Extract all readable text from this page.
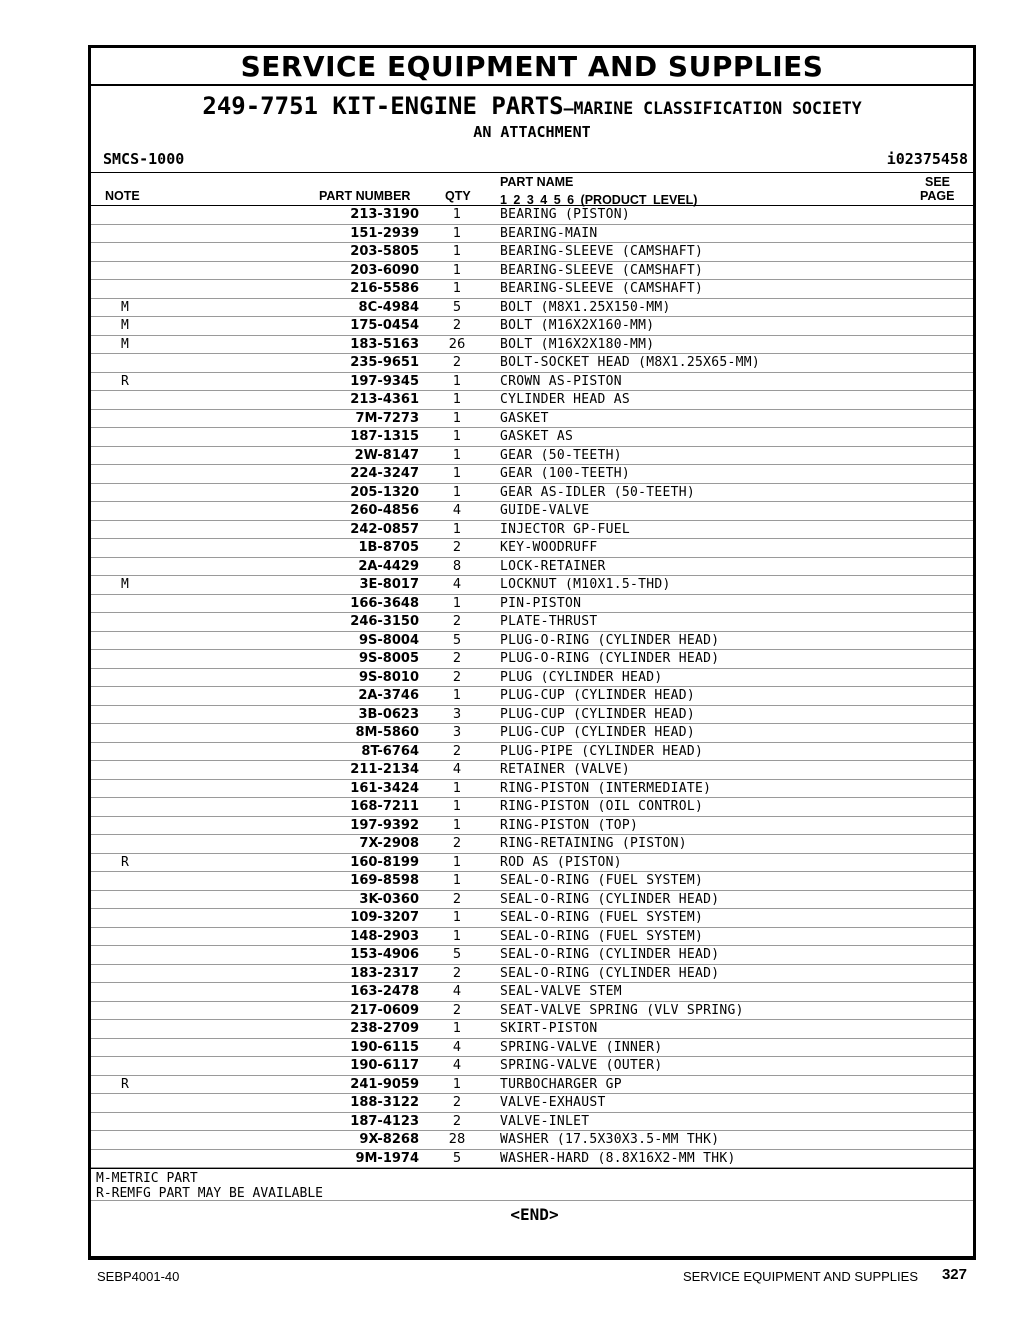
SERVICE EQUIPMENT AND SUPPLIES
249-7751 KIT-ENGINE PARTS—MARINE CLASSIFICATION SOCIETY
AN ATTACHMENT
SMCS-1000	i02375458
NOTE	PART NUMBER	QTY
PART NAME
1 2 3 4 5 6 (PRODUCT LEVEL)
SEE
PAGE
213-3190	1	BEARING (PISTON)
151-2939	1	BEARING-MAIN
203-5805	1	BEARING-SLEEVE (CAMSHAFT)
203-6090	1	BEARING-SLEEVE (CAMSHAFT)
216-5586	1	BEARING-SLEEVE (CAMSHAFT)
M	8C-4984	5	BOLT (M8X1.25X150-MM)
M	175-0454	2	BOLT (M16X2X160-MM)
M	183-5163	26	BOLT (M16X2X180-MM)
235-9651	2	BOLT-SOCKET HEAD (M8X1.25X65-MM)
R	197-9345	1	CROWN AS-PISTON
213-4361	1	CYLINDER HEAD AS
7M-7273	1	GASKET
187-1315	1	GASKET AS
2W-8147	1	GEAR (50-TEETH)
224-3247	1	GEAR (100-TEETH)
205-1320	1	GEAR AS-IDLER (50-TEETH)
260-4856	4	GUIDE-VALVE
242-0857	1	INJECTOR GP-FUEL
1B-8705	2	KEY-WOODRUFF
2A-4429	8	LOCK-RETAINER
M	3E-8017	4	LOCKNUT (M10X1.5-THD)
166-3648	1	PIN-PISTON
246-3150	2	PLATE-THRUST
9S-8004	5	PLUG-O-RING (CYLINDER HEAD)
9S-8005	2	PLUG-O-RING (CYLINDER HEAD)
9S-8010	2	PLUG (CYLINDER HEAD)
2A-3746	1	PLUG-CUP (CYLINDER HEAD)
3B-0623	3	PLUG-CUP (CYLINDER HEAD)
8M-5860	3	PLUG-CUP (CYLINDER HEAD)
8T-6764	2	PLUG-PIPE (CYLINDER HEAD)
211-2134	4	RETAINER (VALVE)
161-3424	1	RING-PISTON (INTERMEDIATE)
168-7211	1	RING-PISTON (OIL CONTROL)
197-9392	1	RING-PISTON (TOP)
7X-2908	2	RING-RETAINING (PISTON)
R	160-8199	1	ROD AS (PISTON)
169-8598	1	SEAL-O-RING (FUEL SYSTEM)
3K-0360	2	SEAL-O-RING (CYLINDER HEAD)
109-3207	1	SEAL-O-RING (FUEL SYSTEM)
148-2903	1	SEAL-O-RING (FUEL SYSTEM)
153-4906	5	SEAL-O-RING (CYLINDER HEAD)
183-2317	2	SEAL-O-RING (CYLINDER HEAD)
163-2478	4	SEAL-VALVE STEM
217-0609	2	SEAT-VALVE SPRING (VLV SPRING)
238-2709	1	SKIRT-PISTON
190-6115	4	SPRING-VALVE (INNER)
190-6117	4	SPRING-VALVE (OUTER)
R	241-9059	1	TURBOCHARGER GP
188-3122	2	VALVE-EXHAUST
187-4123	2	VALVE-INLET
9X-8268	28	WASHER (17.5X30X3.5-MM THK)
9M-1974	5	WASHER-HARD (8.8X16X2-MM THK)
M-METRIC PART
R-REMFG PART MAY BE AVAILABLE
<END>
SEBP4001-40	SERVICE EQUIPMENT AND SUPPLIES 327
